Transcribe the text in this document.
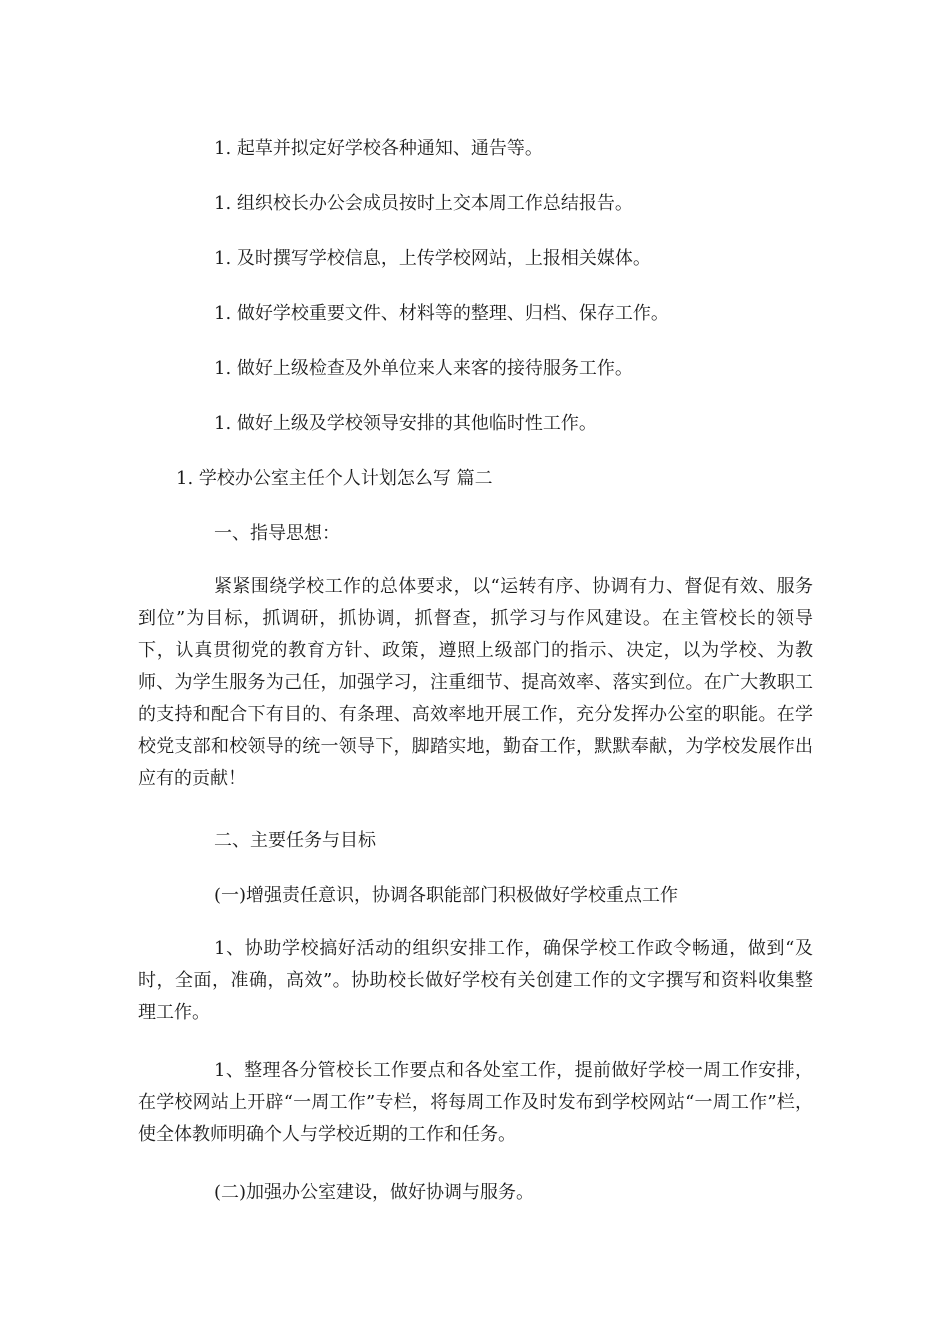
1. 起草并拟定好学校各种通知、通告等。
1. 组织校长办公会成员按时上交本周工作总结报告。
1. 及时撰写学校信息，上传学校网站，上报相关媒体。
1. 做好学校重要文件、材料等的整理、归档、保存工作。
1. 做好上级检查及外单位来人来客的接待服务工作。
1. 做好上级及学校领导安排的其他临时性工作。
1. 学校办公室主任个人计划怎么写 篇二
一、指导思想：

紧紧围绕学校工作的总体要求，以“运转有序、协调有力、督促有效、服务到位”为目标，抓调研，抓协调，抓督查，抓学习与作风建设。在主管校长的领导下，认真贯彻党的教育方针、政策，遵照上级部门的指示、决定，以为学校、为教师、为学生服务为己任，加强学习，注重细节、提高效率、落实到位。在广大教职工的支持和配合下有目的、有条理、高效率地开展工作，充分发挥办公室的职能。在学校党支部和校领导的统一领导下，脚踏实地，勤奋工作，默默奉献，为学校发展作出应有的贡献！

二、主要任务与目标
(一)增强责任意识，协调各职能部门积极做好学校重点工作

1、协助学校搞好活动的组织安排工作，确保学校工作政令畅通，做到“及时，全面，准确，高效”。协助校长做好学校有关创建工作的文字撰写和资料收集整理工作。

1、整理各分管校长工作要点和各处室工作，提前做好学校一周工作安排，在学校网站上开辟“一周工作”专栏，将每周工作及时发布到学校网站“一周工作”栏，使全体教师明确个人与学校近期的工作和任务。

(二)加强办公室建设，做好协调与服务。
